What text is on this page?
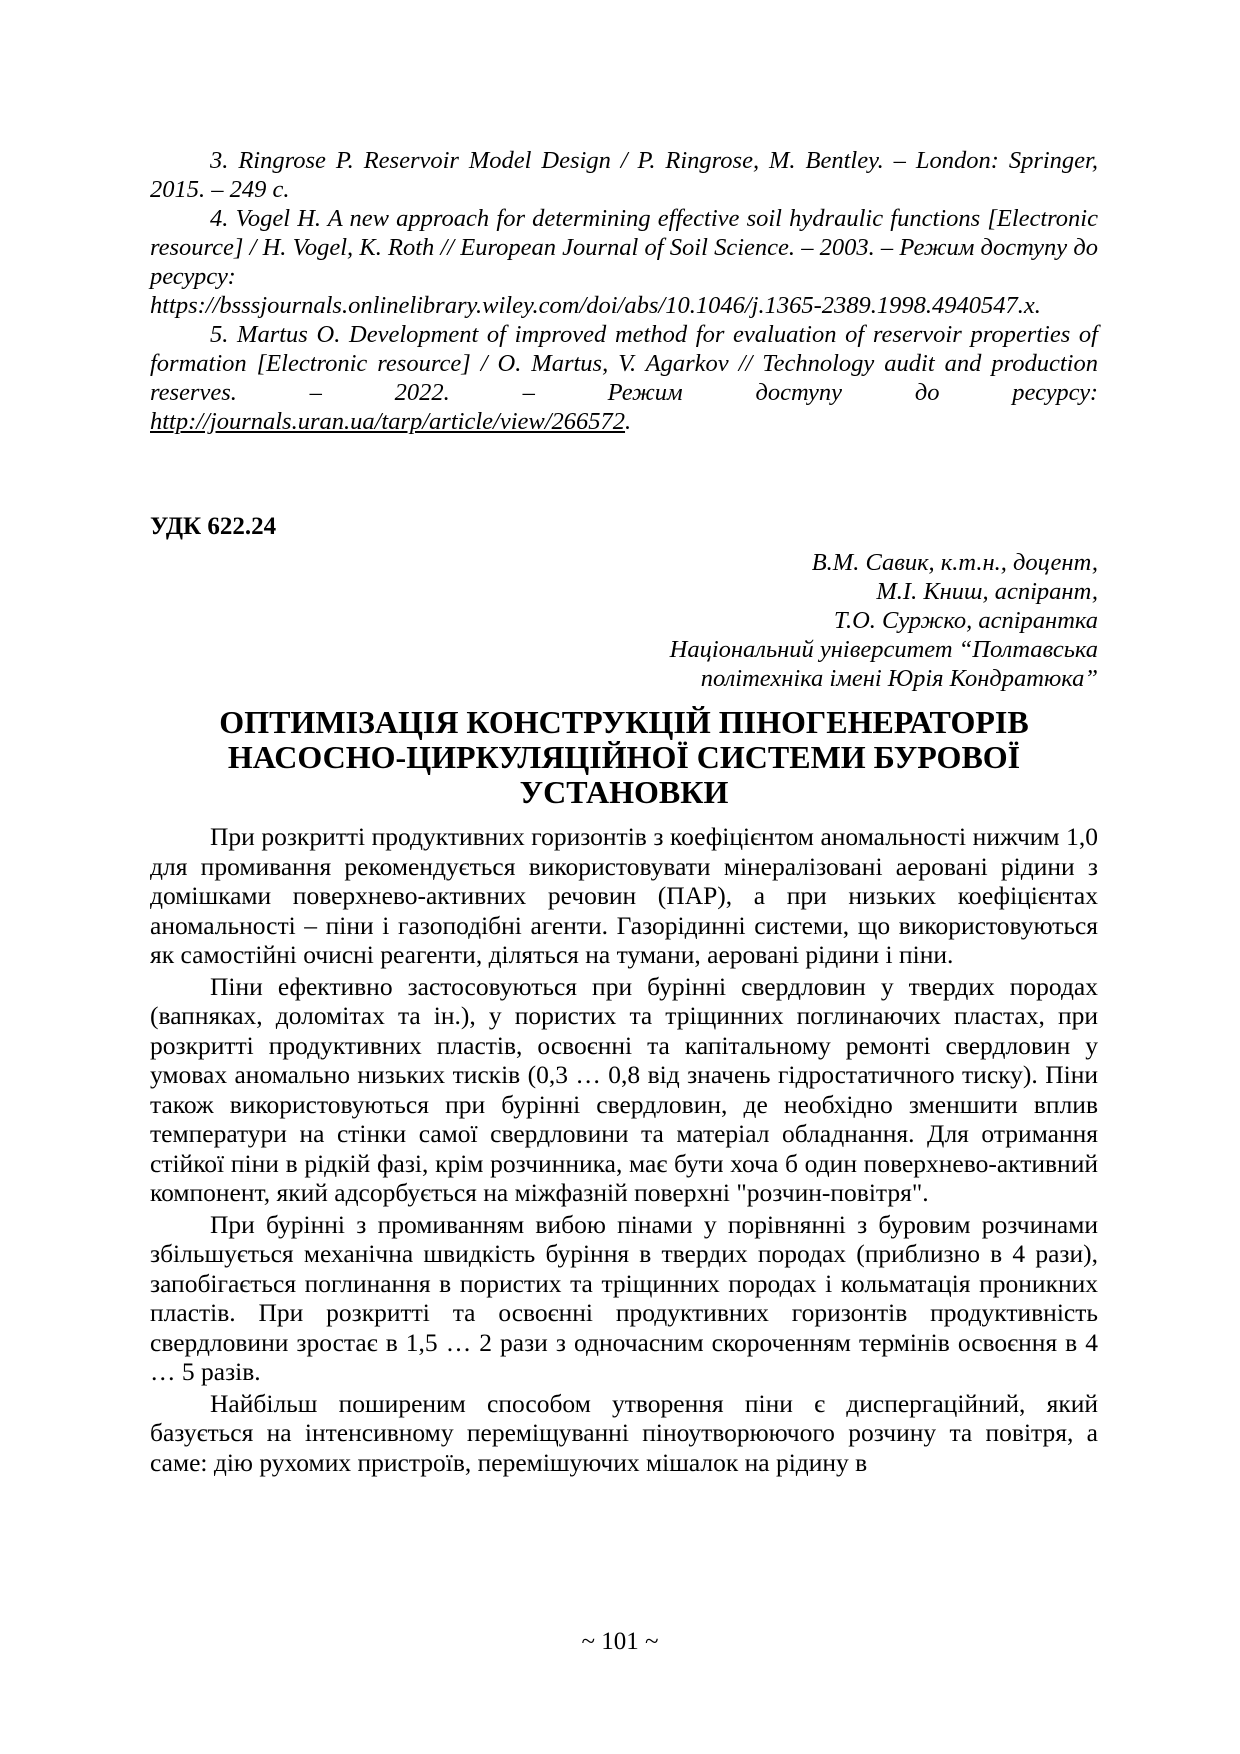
3. Ringrose P. Reservoir Model Design / P. Ringrose, M. Bentley. – London: Springer, 2015. – 249 с.

4. Vogel H. A new approach for determining effective soil hydraulic functions [Electronic resource] / H. Vogel, K. Roth // European Journal of Soil Science. – 2003. – Режим доступу до ресурсу:
https://bsssjournals.onlinelibrary.wiley.com/doi/abs/10.1046/j.1365-2389.1998.4940547.x.

5. Martus O. Development of improved method for evaluation of reservoir properties of formation [Electronic resource] / O. Martus, V. Agarkov // Technology audit and production reserves. – 2022. – Режим доступу до ресурсу: http://journals.uran.ua/tarp/article/view/266572.

УДК 622.24
В.М. Савик, к.т.н., доцент,
М.І. Книш, аспірант,
Т.О. Суржко, аспірантка
Національний університет “Полтавська
політехніка імені Юрія Кондратюка”
ОПТИМІЗАЦІЯ КОНСТРУКЦІЙ ПІНОГЕНЕРАТОРІВ
НАСОСНО-ЦИРКУЛЯЦІЙНОЇ СИСТЕМИ БУРОВОЇ
УСТАНОВКИ

При розкритті продуктивних горизонтів з коефіцієнтом аномальності нижчим 1,0 для промивання рекомендується використовувати мінералізовані аеровані рідини з домішками поверхнево-активних речовин (ПАР), а при низьких коефіцієнтах аномальності – піни і газоподібні агенти. Газорідинні системи, що використовуються як самостійні очисні реагенти, діляться на тумани, аеровані рідини і піни.

Піни ефективно застосовуються при бурінні свердловин у твердих породах (вапняках, доломітах та ін.), у пористих та тріщинних поглинаючих пластах, при розкритті продуктивних пластів, освоєнні та капітальному ремонті свердловин у умовах аномально низьких тисків (0,3 … 0,8 від значень гідростатичного тиску). Піни також використовуються при бурінні свердловин, де необхідно зменшити вплив температури на стінки самої свердловини та матеріал обладнання. Для отримання стійкої піни в рідкій фазі, крім розчинника, має бути хоча б один поверхнево-активний компонент, який адсорбується на міжфазній поверхні "розчин-повітря".

При бурінні з промиванням вибою пінами у порівнянні з буровим розчинами збільшується механічна швидкість буріння в твердих породах (приблизно в 4 рази), запобігається поглинання в пористих та тріщинних породах і кольматація проникних пластів. При розкритті та освоєнні продуктивних горизонтів продуктивність свердловини зростає в 1,5 … 2 рази з одночасним скороченням термінів освоєння в 4 … 5 разів.

Найбільш поширеним способом утворення піни є диспергаційний, який базується на інтенсивному переміщуванні піноутворюючого розчину та повітря, а саме: дію рухомих пристроїв, перемішуючих мішалок на рідину в

~ 101 ~
